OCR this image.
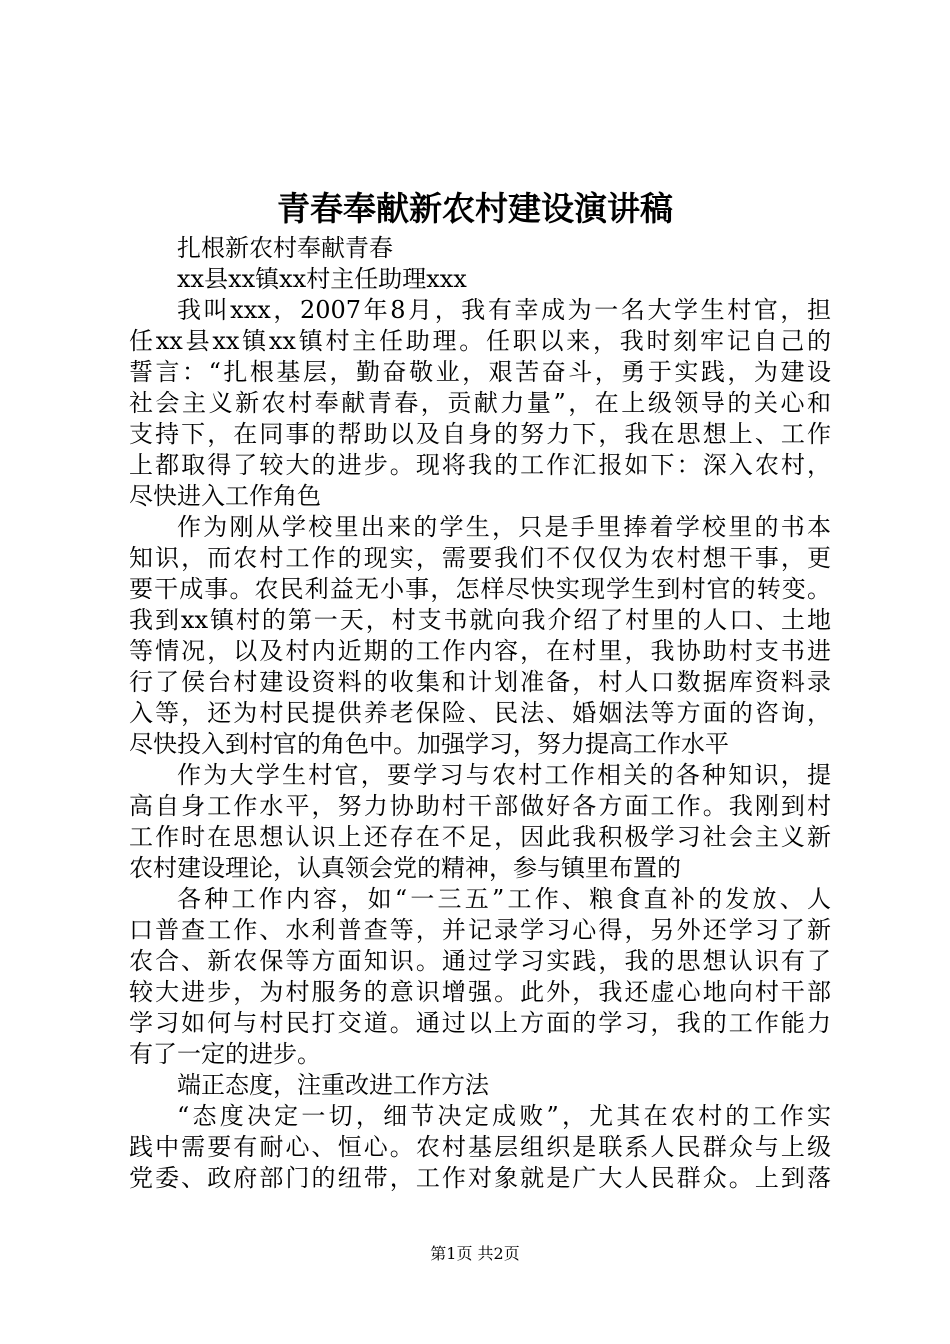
青春奉献新农村建设演讲稿
扎根新农村奉献青春
xx县xx镇xx村主任助理xxx
我叫xxx，2007年8月，我有幸成为一名大学生村官，担
任xx县xx镇xx镇村主任助理。任职以来，我时刻牢记自己的
誓言：“扎根基层，勤奋敬业，艰苦奋斗，勇于实践，为建设
社会主义新农村奉献青春，贡献力量”，在上级领导的关心和
支持下，在同事的帮助以及自身的努力下，我在思想上、工作
上都取得了较大的进步。现将我的工作汇报如下：深入农村，
尽快进入工作角色
作为刚从学校里出来的学生，只是手里捧着学校里的书本
知识，而农村工作的现实，需要我们不仅仅为农村想干事，更
要干成事。农民利益无小事，怎样尽快实现学生到村官的转变。
我到xx镇村的第一天，村支书就向我介绍了村里的人口、土地
等情况，以及村内近期的工作内容，在村里，我协助村支书进
行了侯台村建设资料的收集和计划准备，村人口数据库资料录
入等，还为村民提供养老保险、民法、婚姻法等方面的咨询，
尽快投入到村官的角色中。加强学习，努力提高工作水平
作为大学生村官，要学习与农村工作相关的各种知识，提
高自身工作水平，努力协助村干部做好各方面工作。我刚到村
工作时在思想认识上还存在不足，因此我积极学习社会主义新
农村建设理论，认真领会党的精神，参与镇里布置的
各种工作内容，如“一三五”工作、粮食直补的发放、人
口普查工作、水利普查等，并记录学习心得，另外还学习了新
农合、新农保等方面知识。通过学习实践，我的思想认识有了
较大进步，为村服务的意识增强。此外，我还虚心地向村干部
学习如何与村民打交道。通过以上方面的学习，我的工作能力
有了一定的进步。
端正态度，注重改进工作方法
“态度决定一切，细节决定成败”，尤其在农村的工作实
践中需要有耐心、恒心。农村基层组织是联系人民群众与上级
党委、政府部门的纽带，工作对象就是广大人民群众。上到落
第1页 共2页
